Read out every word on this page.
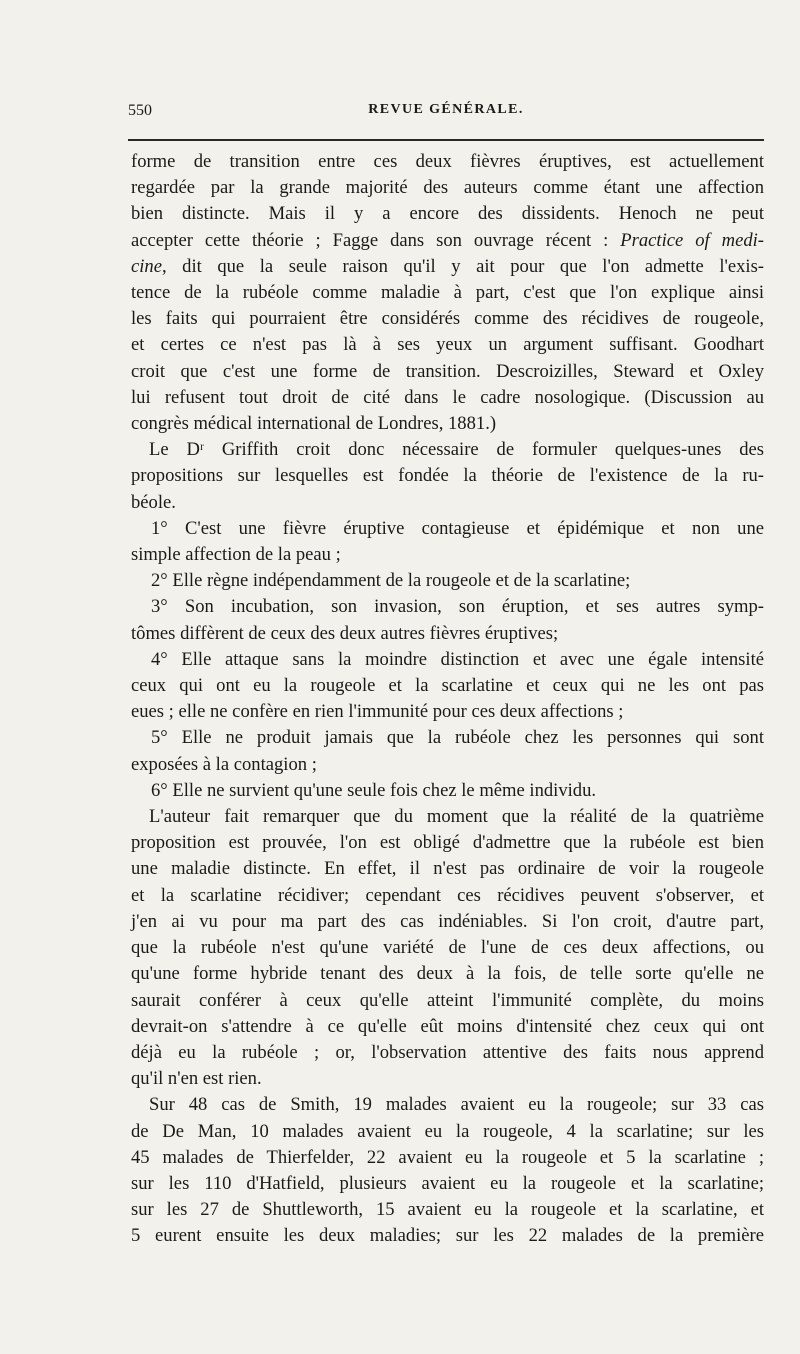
550	REVUE GÉNÉRALE.
forme de transition entre ces deux fièvres éruptives, est actuellement
regardée par la grande majorité des auteurs comme étant une affection
bien distincte. Mais il y a encore des dissidents. Henoch ne peut
accepter cette théorie ; Fagge dans son ouvrage récent : Practice of medi-
cine, dit que la seule raison qu'il y ait pour que l'on admette l'exis-
tence de la rubéole comme maladie à part, c'est que l'on explique ainsi
les faits qui pourraient être considérés comme des récidives de rougeole,
et certes ce n'est pas là à ses yeux un argument suffisant. Goodhart
croit que c'est une forme de transition. Descroizilles, Steward et Oxley
lui refusent tout droit de cité dans le cadre nosologique. (Discussion au
congrès médical international de Londres, 1881.)
Le Dʳ Griffith croit donc nécessaire de formuler quelques-unes des
propositions sur lesquelles est fondée la théorie de l'existence de la ru-
béole.
1° C'est une fièvre éruptive contagieuse et épidémique et non une
simple affection de la peau ;
2° Elle règne indépendamment de la rougeole et de la scarlatine;
3° Son incubation, son invasion, son éruption, et ses autres symp-
tômes diffèrent de ceux des deux autres fièvres éruptives;
4° Elle attaque sans la moindre distinction et avec une égale intensité
ceux qui ont eu la rougeole et la scarlatine et ceux qui ne les ont pas
eues ; elle ne confère en rien l'immunité pour ces deux affections ;
5° Elle ne produit jamais que la rubéole chez les personnes qui sont
exposées à la contagion ;
6° Elle ne survient qu'une seule fois chez le même individu.
L'auteur fait remarquer que du moment que la réalité de la quatrième
proposition est prouvée, l'on est obligé d'admettre que la rubéole est bien
une maladie distincte. En effet, il n'est pas ordinaire de voir la rougeole
et la scarlatine récidiver; cependant ces récidives peuvent s'observer, et
j'en ai vu pour ma part des cas indéniables. Si l'on croit, d'autre part,
que la rubéole n'est qu'une variété de l'une de ces deux affections, ou
qu'une forme hybride tenant des deux à la fois, de telle sorte qu'elle ne
saurait conférer à ceux qu'elle atteint l'immunité complète, du moins
devrait-on s'attendre à ce qu'elle eût moins d'intensité chez ceux qui ont
déjà eu la rubéole ; or, l'observation attentive des faits nous apprend
qu'il n'en est rien.
Sur 48 cas de Smith, 19 malades avaient eu la rougeole; sur 33 cas
de De Man, 10 malades avaient eu la rougeole, 4 la scarlatine; sur les
45 malades de Thierfelder, 22 avaient eu la rougeole et 5 la scarlatine ;
sur les 110 d'Hatfield, plusieurs avaient eu la rougeole et la scarlatine;
sur les 27 de Shuttleworth, 15 avaient eu la rougeole et la scarlatine, et
5 eurent ensuite les deux maladies; sur les 22 malades de la première
